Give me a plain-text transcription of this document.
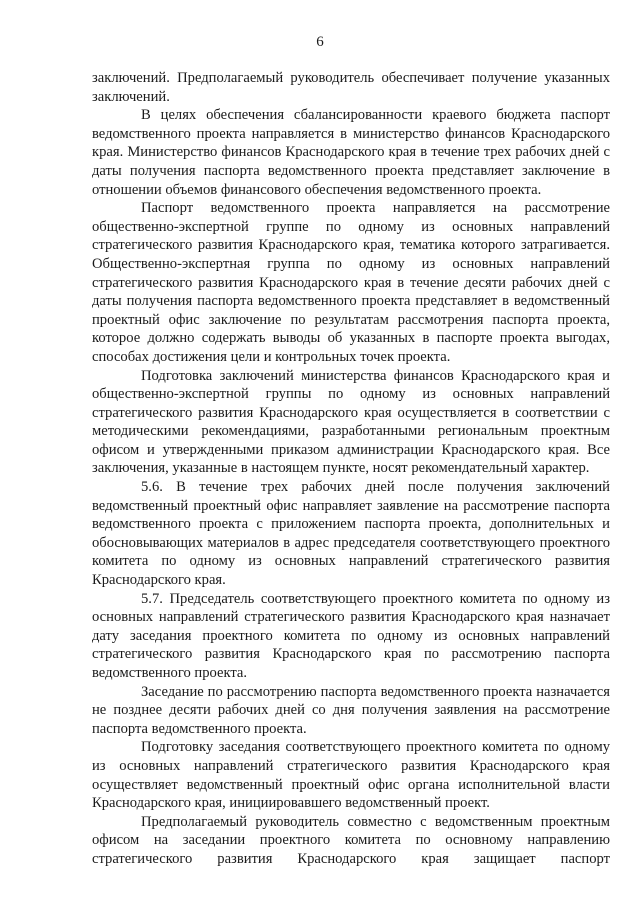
6

заключений. Предполагаемый руководитель обеспечивает получение указанных заключений.

В целях обеспечения сбалансированности краевого бюджета паспорт ведомственного проекта направляется в министерство финансов Краснодарского края. Министерство финансов Краснодарского края в течение трех рабочих дней с даты получения паспорта ведомственного проекта представляет заключение в отношении объемов финансового обеспечения ведомственного проекта.

Паспорт ведомственного проекта направляется на рассмотрение общественно-экспертной группе по одному из основных направлений стратегического развития Краснодарского края, тематика которого затрагивается. Общественно-экспертная группа по одному из основных направлений стратегического развития Краснодарского края в течение десяти рабочих дней с даты получения паспорта ведомственного проекта представляет в ведомственный проектный офис заключение по результатам рассмотрения паспорта проекта, которое должно содержать выводы об указанных в паспорте проекта выгодах, способах достижения цели и контрольных точек проекта.

Подготовка заключений министерства финансов Краснодарского края и общественно-экспертной группы по одному из основных направлений стратегического развития Краснодарского края осуществляется в соответствии с методическими рекомендациями, разработанными региональным проектным офисом и утвержденными приказом администрации Краснодарского края. Все заключения, указанные в настоящем пункте, носят рекомендательный характер.

5.6. В течение трех рабочих дней после получения заключений ведомственный проектный офис направляет заявление на рассмотрение паспорта ведомственного проекта с приложением паспорта проекта, дополнительных и обосновывающих материалов в адрес председателя соответствующего проектного комитета по одному из основных направлений стратегического развития Краснодарского края.

5.7. Председатель соответствующего проектного комитета по одному из основных направлений стратегического развития Краснодарского края назначает дату заседания проектного комитета по одному из основных направлений стратегического развития Краснодарского края по рассмотрению паспорта ведомственного проекта.

Заседание по рассмотрению паспорта ведомственного проекта назначается не позднее десяти рабочих дней со дня получения заявления на рассмотрение паспорта ведомственного проекта.

Подготовку заседания соответствующего проектного комитета по одному из основных направлений стратегического развития Краснодарского края осуществляет ведомственный проектный офис органа исполнительной власти Краснодарского края, инициировавшего ведомственный проект.

Предполагаемый руководитель совместно с ведомственным проектным офисом на заседании проектного комитета по основному направлению стратегического развития Краснодарского края защищает паспорт
